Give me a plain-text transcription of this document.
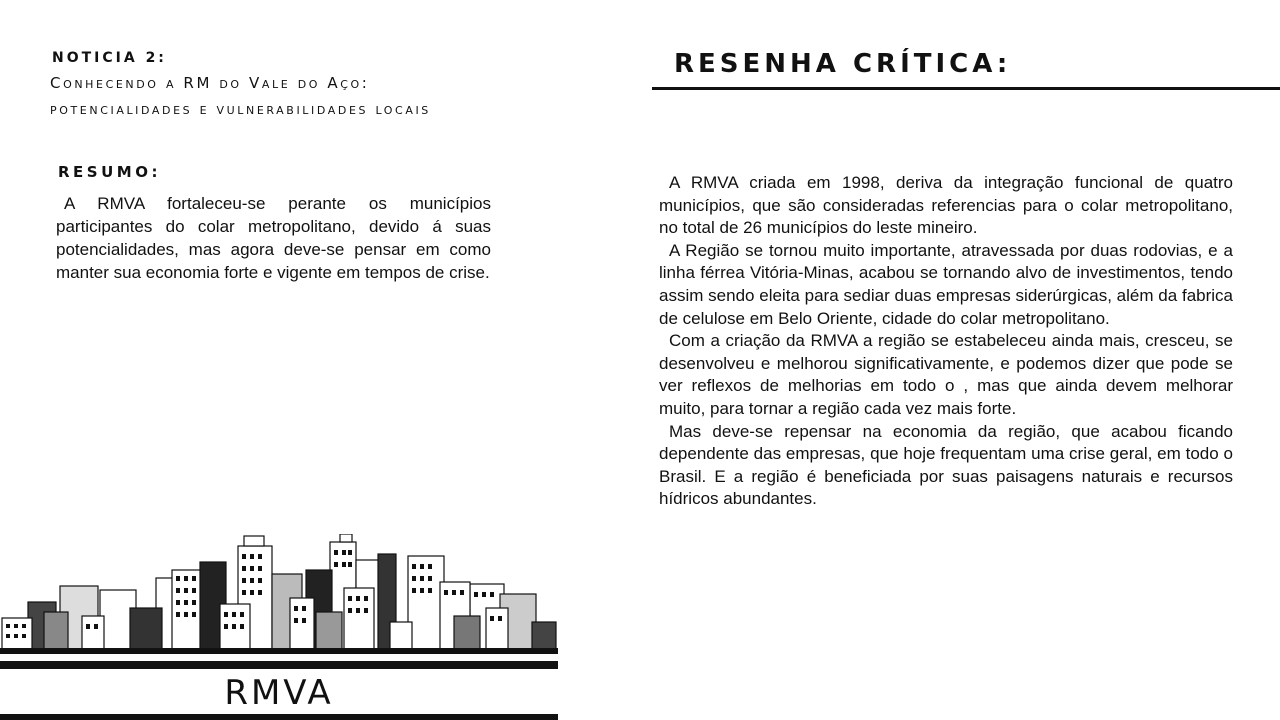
NOTICIA 2:
Conhecendo a RM do Vale do Aço: potencialidades e vulnerabilidades locais
RESUMO:
A RMVA fortaleceu-se perante os municípios participantes do colar metropolitano, devido á suas potencialidades, mas agora deve-se pensar em como manter sua economia forte e vigente em tempos de crise.
RESENHA CRÍTICA:

A RMVA criada em 1998, deriva da integração funcional de quatro municípios, que são consideradas referencias para o colar metropolitano, no total de 26 municípios do leste mineiro.

A Região se tornou muito importante, atravessada por duas rodovias, e a linha férrea Vitória-Minas, acabou se tornando alvo de investimentos, tendo assim sendo eleita para sediar duas empresas siderúrgicas, além da fabrica de celulose em Belo Oriente, cidade do colar metropolitano.

Com a criação da RMVA a região se estabeleceu ainda mais, cresceu, se desenvolveu e melhorou significativamente, e podemos dizer que pode se ver reflexos de melhorias em todo o , mas que ainda devem melhorar muito, para tornar a região cada vez mais forte.

Mas deve-se repensar na economia da região, que acabou ficando dependente das empresas, que hoje frequentam uma crise geral, em todo o Brasil. E a região é beneficiada por suas paisagens naturais e recursos hídricos abundantes.

RMVA
